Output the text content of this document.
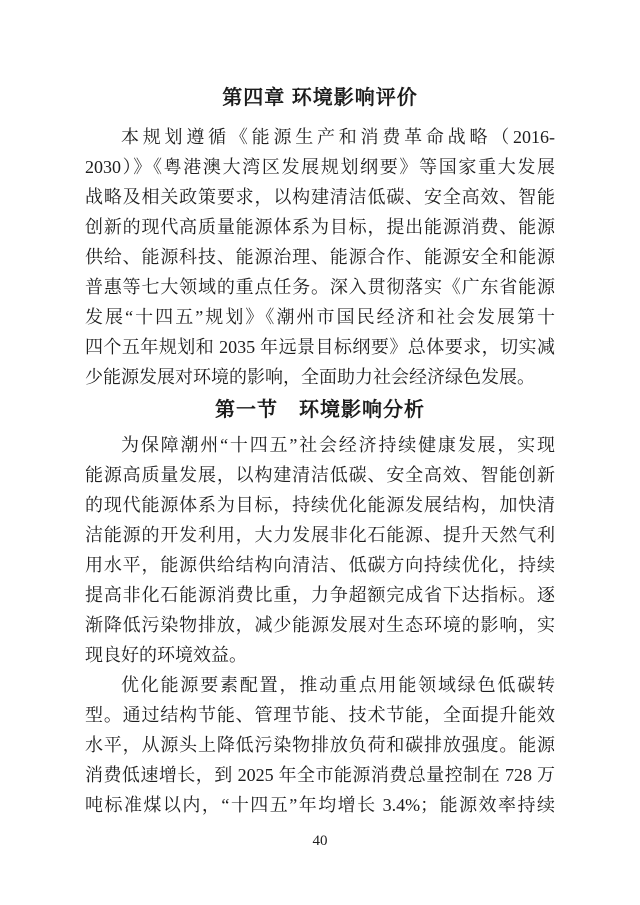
第四章 环境影响评价
本规划遵循《能源生产和消费革命战略（2016-
2030）》《粤港澳大湾区发展规划纲要》等国家重大发展
战略及相关政策要求，以构建清洁低碳、安全高效、智能
创新的现代高质量能源体系为目标，提出能源消费、能源
供给、能源科技、能源治理、能源合作、能源安全和能源
普惠等七大领域的重点任务。深入贯彻落实《广东省能源
发展“十四五”规划》《潮州市国民经济和社会发展第十
四个五年规划和 2035 年远景目标纲要》总体要求，切实减
少能源发展对环境的影响，全面助力社会经济绿色发展。
第一节　环境影响分析
为保障潮州“十四五”社会经济持续健康发展，实现
能源高质量发展，以构建清洁低碳、安全高效、智能创新
的现代能源体系为目标，持续优化能源发展结构，加快清
洁能源的开发利用，大力发展非化石能源、提升天然气利
用水平，能源供给结构向清洁、低碳方向持续优化，持续
提高非化石能源消费比重，力争超额完成省下达指标。逐
渐降低污染物排放，减少能源发展对生态环境的影响，实
现良好的环境效益。
优化能源要素配置，推动重点用能领域绿色低碳转
型。通过结构节能、管理节能、技术节能，全面提升能效
水平，从源头上降低污染物排放负荷和碳排放强度。能源
消费低速增长，到 2025 年全市能源消费总量控制在 728 万
吨标准煤以内，“十四五”年均增长 3.4%；能源效率持续
40
